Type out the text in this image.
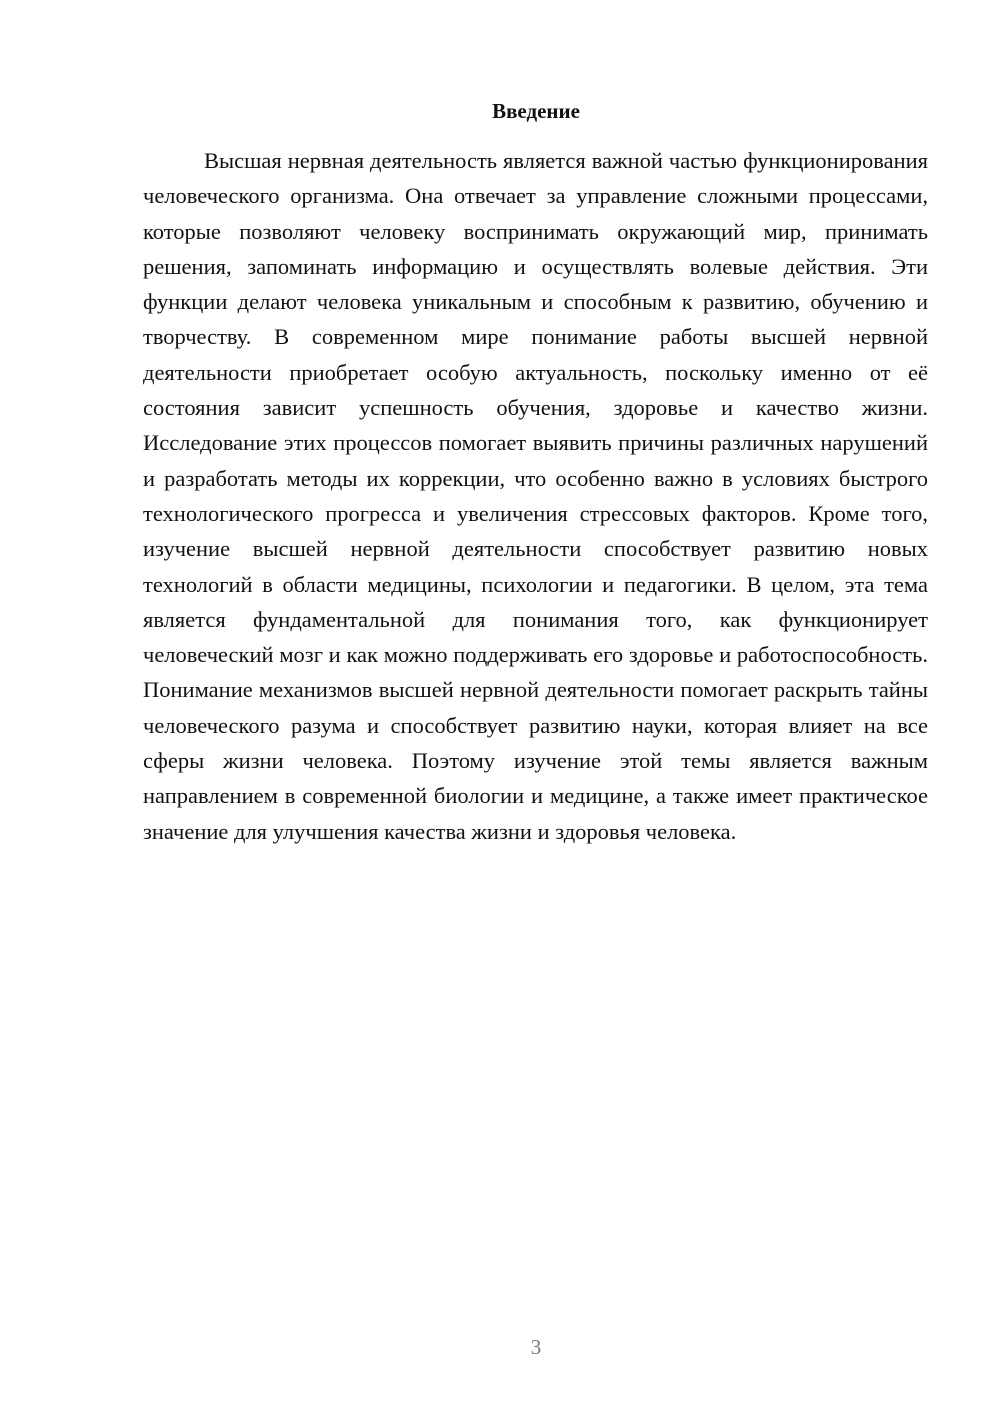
Введение

Высшая нервная деятельность является важной частью функционирования человеческого организма. Она отвечает за управление сложными процессами, которые позволяют человеку воспринимать окружающий мир, принимать решения, запоминать информацию и осуществлять волевые действия. Эти функции делают человека уникальным и способным к развитию, обучению и творчеству. В современном мире понимание работы высшей нервной деятельности приобретает особую актуальность, поскольку именно от её состояния зависит успешность обучения, здоровье и качество жизни. Исследование этих процессов помогает выявить причины различных нарушений и разработать методы их коррекции, что особенно важно в условиях быстрого технологического прогресса и увеличения стрессовых факторов. Кроме того, изучение высшей нервной деятельности способствует развитию новых технологий в области медицины, психологии и педагогики. В целом, эта тема является фундаментальной для понимания того, как функционирует человеческий мозг и как можно поддерживать его здоровье и работоспособность. Понимание механизмов высшей нервной деятельности помогает раскрыть тайны человеческого разума и способствует развитию науки, которая влияет на все сферы жизни человека. Поэтому изучение этой темы является важным направлением в современной биологии и медицине, а также имеет практическое значение для улучшения качества жизни и здоровья человека.

3
